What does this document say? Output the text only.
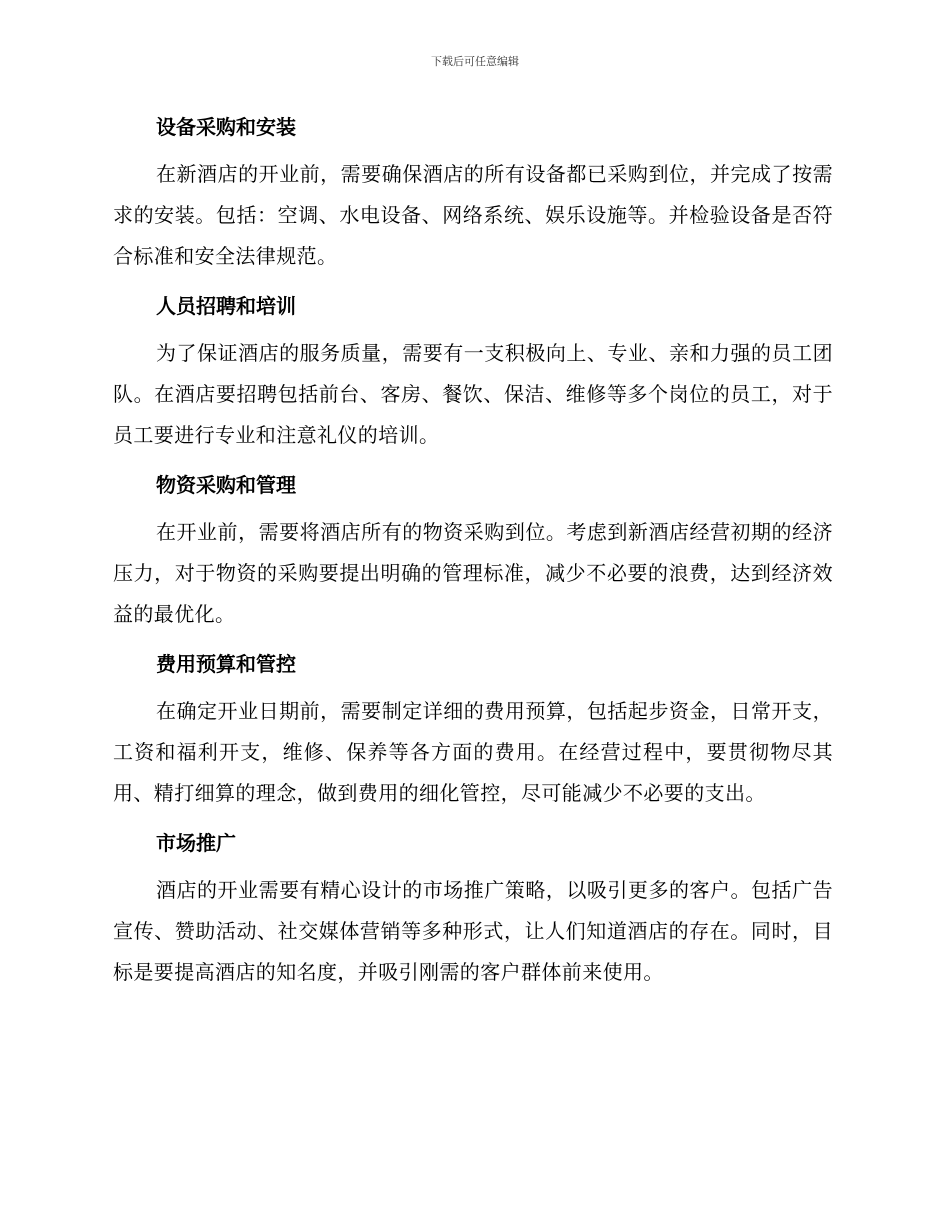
下载后可任意编辑
设备采购和安装

在新酒店的开业前，需要确保酒店的所有设备都已采购到位，并完成了按需求的安装。包括：空调、水电设备、网络系统、娱乐设施等。并检验设备是否符合标准和安全法律规范。

人员招聘和培训

为了保证酒店的服务质量，需要有一支积极向上、专业、亲和力强的员工团队。在酒店要招聘包括前台、客房、餐饮、保洁、维修等多个岗位的员工，对于员工要进行专业和注意礼仪的培训。

物资采购和管理

在开业前，需要将酒店所有的物资采购到位。考虑到新酒店经营初期的经济压力，对于物资的采购要提出明确的管理标准，减少不必要的浪费，达到经济效益的最优化。

费用预算和管控

在确定开业日期前，需要制定详细的费用预算，包括起步资金，日常开支，工资和福利开支，维修、保养等各方面的费用。在经营过程中，要贯彻物尽其用、精打细算的理念，做到费用的细化管控，尽可能减少不必要的支出。

市场推广

酒店的开业需要有精心设计的市场推广策略，以吸引更多的客户。包括广告宣传、赞助活动、社交媒体营销等多种形式，让人们知道酒店的存在。同时，目标是要提高酒店的知名度，并吸引刚需的客户群体前来使用。
